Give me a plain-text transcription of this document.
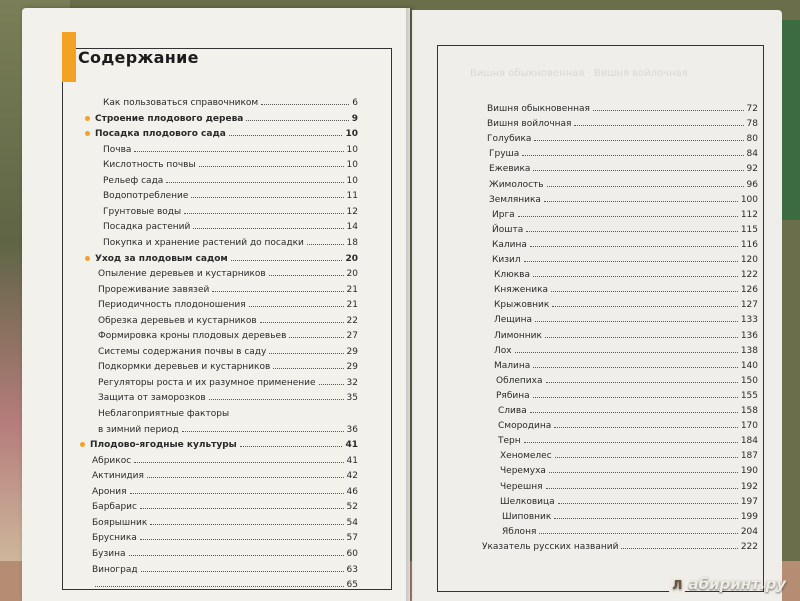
Содержание
Вишня обыкновенная · Вишня войлочная
Как пользоваться справочником	6
Строение плодового дерева	9
Посадка плодового сада	10
Почва	10
Кислотность почвы	10
Рельеф сада	10
Водопотребление	11
Грунтовые воды	12
Посадка растений	14
Покупка и хранение растений до посадки	18
Уход за плодовым садом	20
Опыление деревьев и кустарников	20
Прореживание завязей	21
Периодичность плодоношения	21
Обрезка деревьев и кустарников	22
Формировка кроны плодовых деревьев	27
Системы содержания почвы в саду	29
Подкормки деревьев и кустарников	29
Регуляторы роста и их разумное применение	32
Защита от заморозков	35
Неблагоприятные факторы
в зимний период	36
Плодово-ягодные культуры	41
Абрикос	41
Актинидия	42
Арония	46
Барбарис	52
Боярышник	54
Брусника	57
Бузина	60
Виноград	63
65
Вишня обыкновенная	72
Вишня войлочная	78
Голубика	80
Груша	84
Ежевика	92
Жимолость	96
Земляника	100
Ирга	112
Йошта	115
Калина	116
Кизил	120
Клюква	122
Княженика	126
Крыжовник	127
Лещина	133
Лимонник	136
Лох	138
Малина	140
Облепиха	150
Рябина	155
Слива	158
Смородина	170
Терн	184
Хеномелес	187
Черемуха	190
Черешня	192
Шелковица	197
Шиповник	199
Яблоня	204
Указатель русских названий	222
Л абиринт.ру
